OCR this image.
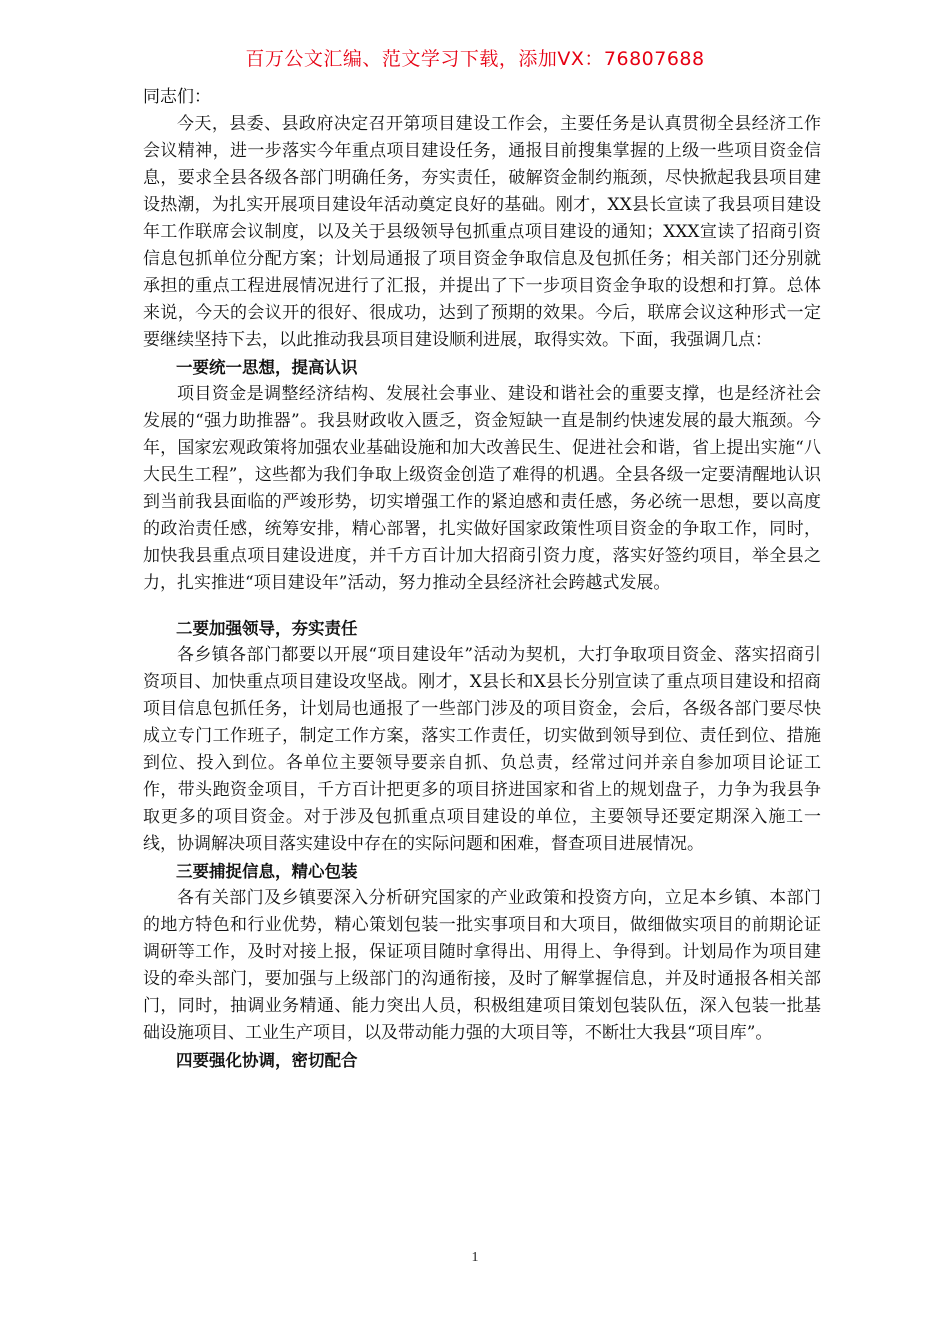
百万公文汇编、范文学习下载，添加VX：76807688

同志们：

今天，县委、县政府决定召开第项目建设工作会，主要任务是认真贯彻全县经济工作会议精神，进一步落实今年重点项目建设任务，通报目前搜集掌握的上级一些项目资金信息，要求全县各级各部门明确任务，夯实责任，破解资金制约瓶颈，尽快掀起我县项目建设热潮，为扎实开展项目建设年活动奠定良好的基础。刚才，XX县长宣读了我县项目建设年工作联席会议制度，以及关于县级领导包抓重点项目建设的通知；XXX宣读了招商引资信息包抓单位分配方案；计划局通报了项目资金争取信息及包抓任务；相关部门还分别就承担的重点工程进展情况进行了汇报，并提出了下一步项目资金争取的设想和打算。总体来说，今天的会议开的很好、很成功，达到了预期的效果。今后，联席会议这种形式一定要继续坚持下去，以此推动我县项目建设顺利进展，取得实效。下面，我强调几点：

一要统一思想，提高认识

项目资金是调整经济结构、发展社会事业、建设和谐社会的重要支撑，也是经济社会发展的“强力助推器”。我县财政收入匮乏，资金短缺一直是制约快速发展的最大瓶颈。今年，国家宏观政策将加强农业基础设施和加大改善民生、促进社会和谐，省上提出实施“八大民生工程”，这些都为我们争取上级资金创造了难得的机遇。全县各级一定要清醒地认识到当前我县面临的严竣形势，切实增强工作的紧迫感和责任感，务必统一思想，要以高度的政治责任感，统筹安排，精心部署，扎实做好国家政策性项目资金的争取工作，同时，加快我县重点项目建设进度，并千方百计加大招商引资力度，落实好签约项目，举全县之力，扎实推进“项目建设年”活动，努力推动全县经济社会跨越式发展。

二要加强领导，夯实责任

各乡镇各部门都要以开展“项目建设年”活动为契机，大打争取项目资金、落实招商引资项目、加快重点项目建设攻坚战。刚才，X县长和X县长分别宣读了重点项目建设和招商项目信息包抓任务，计划局也通报了一些部门涉及的项目资金，会后，各级各部门要尽快成立专门工作班子，制定工作方案，落实工作责任，切实做到领导到位、责任到位、措施到位、投入到位。各单位主要领导要亲自抓、负总责，经常过问并亲自参加项目论证工作，带头跑资金项目，千方百计把更多的项目挤进国家和省上的规划盘子，力争为我县争取更多的项目资金。对于涉及包抓重点项目建设的单位，主要领导还要定期深入施工一线，协调解决项目落实建设中存在的实际问题和困难，督查项目进展情况。

三要捕捉信息，精心包装

各有关部门及乡镇要深入分析研究国家的产业政策和投资方向，立足本乡镇、本部门的地方特色和行业优势，精心策划包装一批实事项目和大项目，做细做实项目的前期论证调研等工作，及时对接上报，保证项目随时拿得出、用得上、争得到。计划局作为项目建设的牵头部门，要加强与上级部门的沟通衔接，及时了解掌握信息，并及时通报各相关部门，同时，抽调业务精通、能力突出人员，积极组建项目策划包装队伍，深入包装一批基础设施项目、工业生产项目，以及带动能力强的大项目等，不断壮大我县“项目库”。

四要强化协调，密切配合

1
